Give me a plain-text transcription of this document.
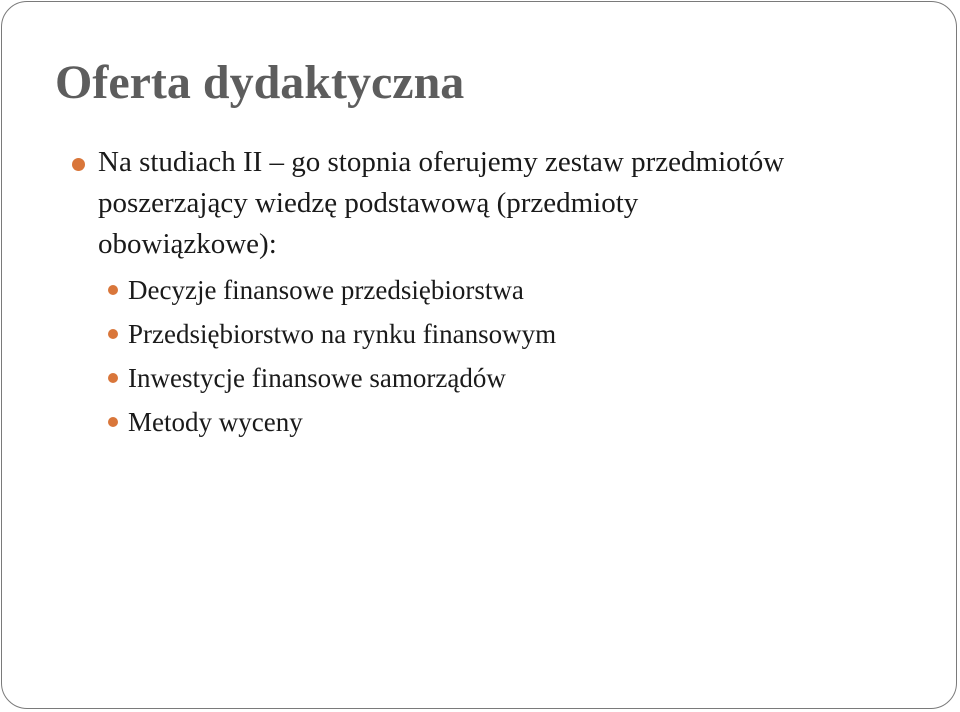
Oferta dydaktyczna
Na studiach II – go stopnia oferujemy zestaw przedmiotów poszerzający wiedzę podstawową (przedmioty obowiązkowe):
Decyzje finansowe przedsiębiorstwa
Przedsiębiorstwo na rynku finansowym
Inwestycje finansowe samorządów
Metody wyceny
